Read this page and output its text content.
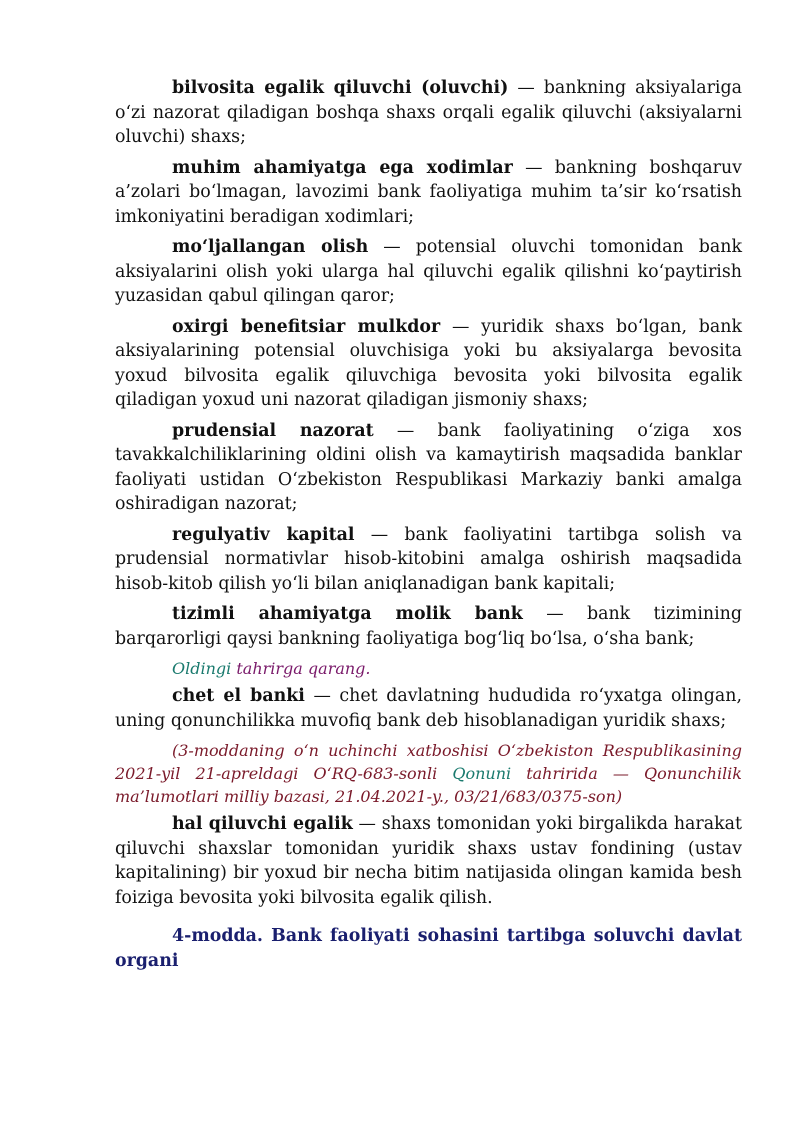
bilvosita egalik qiluvchi (oluvchi) — bankning aksiyalariga o‘zi nazorat qiladigan boshqa shaxs orqali egalik qiluvchi (aksiyalarni oluvchi) shaxs;

muhim ahamiyatga ega xodimlar — bankning boshqaruv a’zolari bo‘lmagan, lavozimi bank faoliyatiga muhim ta’sir ko‘rsatish imkoniyatini beradigan xodimlari;

mo‘ljallangan olish — potensial oluvchi tomonidan bank aksiyalarini olish yoki ularga hal qiluvchi egalik qilishni ko‘paytirish yuzasidan qabul qilingan qaror;

oxirgi benefitsiar mulkdor — yuridik shaxs bo‘lgan, bank aksiyalarining potensial oluvchisiga yoki bu aksiyalarga bevosita yoxud bilvosita egalik qiluvchiga bevosita yoki bilvosita egalik qiladigan yoxud uni nazorat qiladigan jismoniy shaxs;

prudensial nazorat — bank faoliyatining o‘ziga xos tavakkalchiliklarining oldini olish va kamaytirish maqsadida banklar faoliyati ustidan O‘zbekiston Respublikasi Markaziy banki amalga oshiradigan nazorat;

regulyativ kapital — bank faoliyatini tartibga solish va prudensial normativlar hisob-kitobini amalga oshirish maqsadida hisob-kitob qilish yo‘li bilan aniqlanadigan bank kapitali;

tizimli ahamiyatga molik bank — bank tizimining barqarorligi qaysi bankning faoliyatiga bog‘liq bo‘lsa, o‘sha bank;

Oldingi tahrirga qarang.

chet el banki — chet davlatning hududida ro‘yxatga olingan, uning qonunchilikka muvofiq bank deb hisoblanadigan yuridik shaxs;

(3-moddaning o‘n uchinchi xatboshisi O‘zbekiston Respublikasining 2021-yil 21-apreldagi O‘RQ-683-sonli Qonuni tahririda — Qonunchilik ma’lumotlari milliy bazasi, 21.04.2021-y., 03/21/683/0375-son)

hal qiluvchi egalik — shaxs tomonidan yoki birgalikda harakat qiluvchi shaxslar tomonidan yuridik shaxs ustav fondining (ustav kapitalining) bir yoxud bir necha bitim natijasida olingan kamida besh foiziga bevosita yoki bilvosita egalik qilish.

4-modda. Bank faoliyati sohasini tartibga soluvchi davlat organi
